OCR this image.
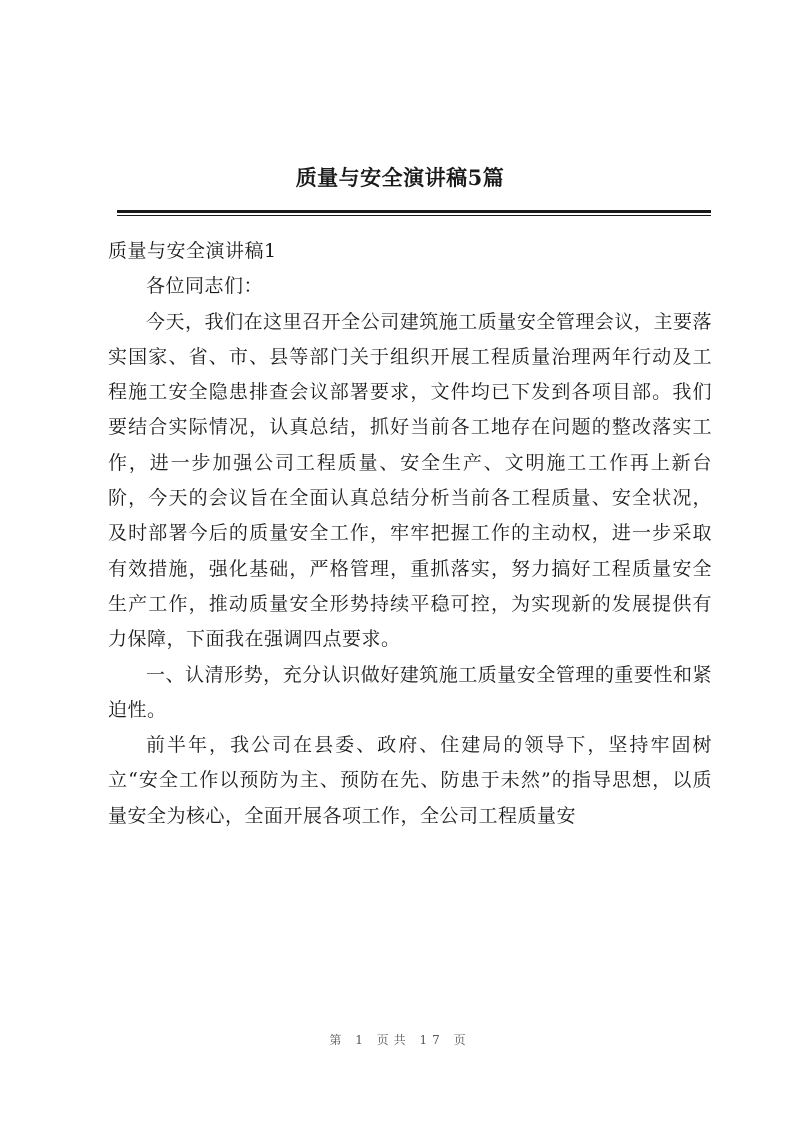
质量与安全演讲稿5篇

质量与安全演讲稿1

各位同志们：

今天，我们在这里召开全公司建筑施工质量安全管理会议，主要落实国家、省、市、县等部门关于组织开展工程质量治理两年行动及工程施工安全隐患排查会议部署要求，文件均已下发到各项目部。我们要结合实际情况，认真总结，抓好当前各工地存在问题的整改落实工作，进一步加强公司工程质量、安全生产、文明施工工作再上新台阶，今天的会议旨在全面认真总结分析当前各工程质量、安全状况，及时部署今后的质量安全工作，牢牢把握工作的主动权，进一步采取有效措施，强化基础，严格管理，重抓落实，努力搞好工程质量安全生产工作，推动质量安全形势持续平稳可控，为实现新的发展提供有力保障，下面我在强调四点要求。

一、认清形势，充分认识做好建筑施工质量安全管理的重要性和紧迫性。

前半年，我公司在县委、政府、住建局的领导下，坚持牢固树立“安全工作以预防为主、预防在先、防患于未然”的指导思想，以质量安全为核心，全面开展各项工作，全公司工程质量安

第 1 页共 17 页
